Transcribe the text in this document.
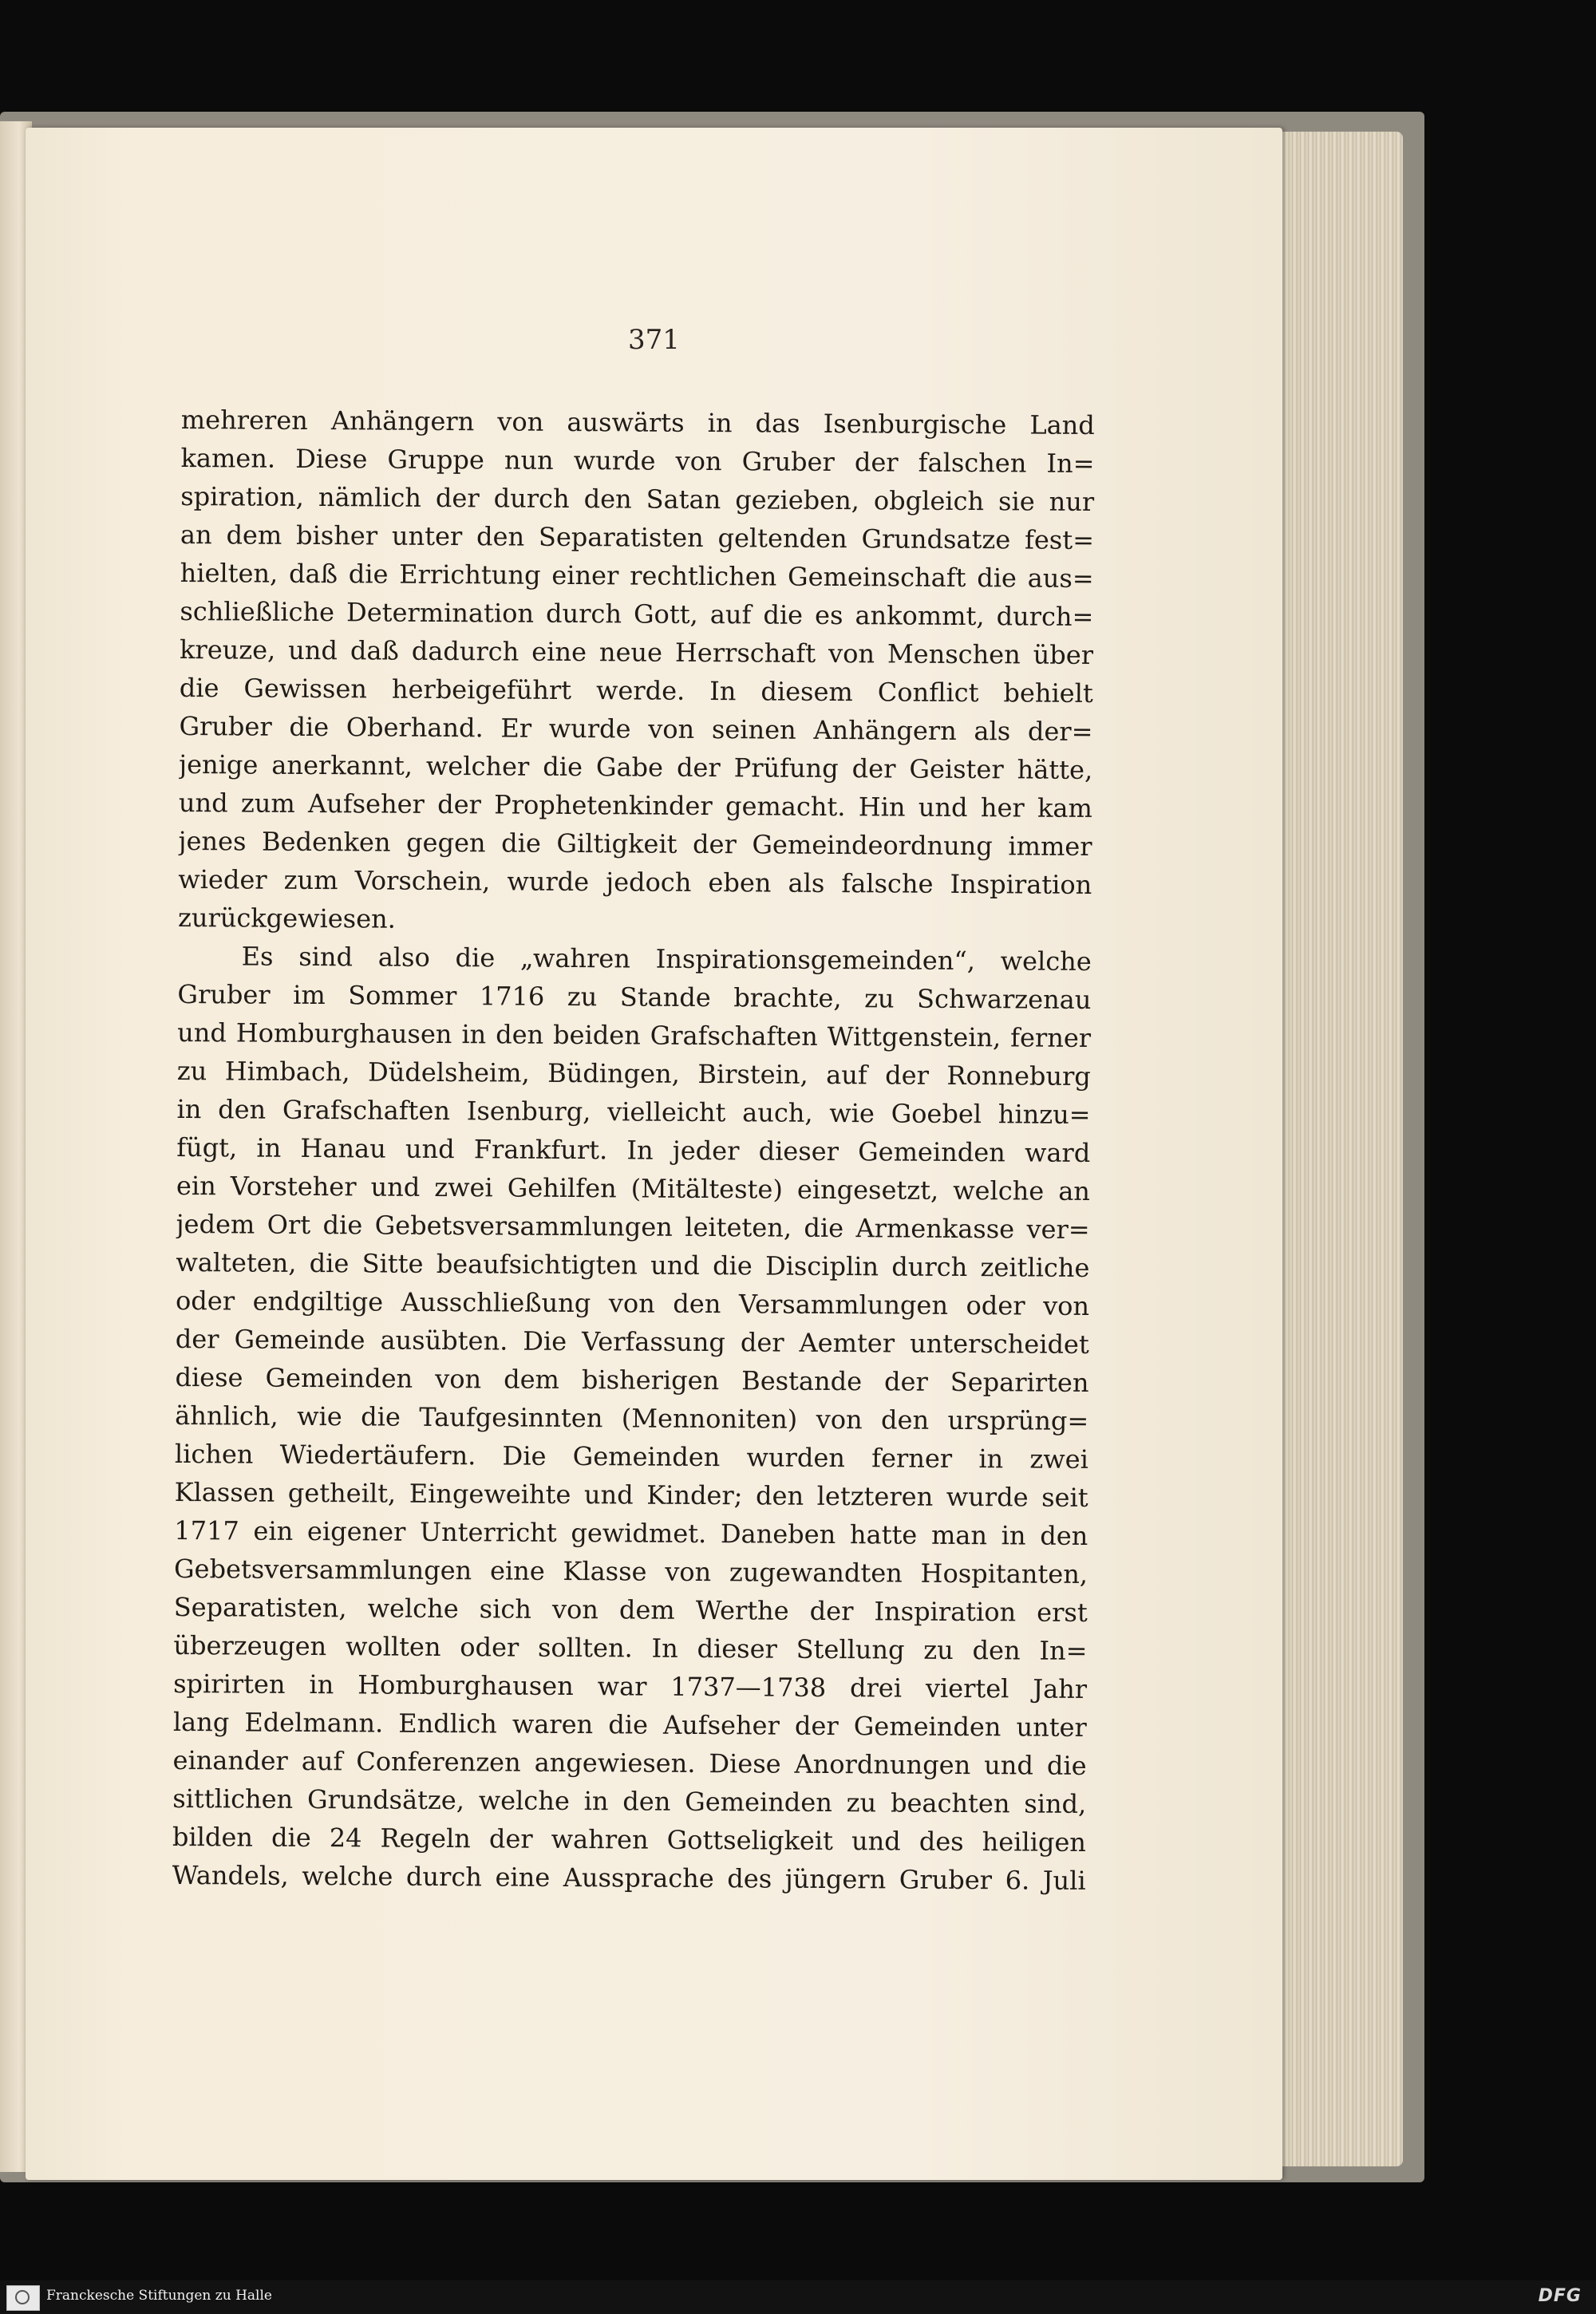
371
mehreren Anhängern von auswärts in das Isenburgische Land
kamen. Diese Gruppe nun wurde von Gruber der falschen In=
spiration, nämlich der durch den Satan gezieben, obgleich sie nur
an dem bisher unter den Separatisten geltenden Grundsatze fest=
hielten, daß die Errichtung einer rechtlichen Gemeinschaft die aus=
schließliche Determination durch Gott, auf die es ankommt, durch=
kreuze, und daß dadurch eine neue Herrschaft von Menschen über
die Gewissen herbeigeführt werde. In diesem Conflict behielt
Gruber die Oberhand. Er wurde von seinen Anhängern als der=
jenige anerkannt, welcher die Gabe der Prüfung der Geister hätte,
und zum Aufseher der Prophetenkinder gemacht. Hin und her kam
jenes Bedenken gegen die Giltigkeit der Gemeindeordnung immer
wieder zum Vorschein, wurde jedoch eben als falsche Inspiration
zurückgewiesen.
Es sind also die „wahren Inspirationsgemeinden“, welche
Gruber im Sommer 1716 zu Stande brachte, zu Schwarzenau
und Homburghausen in den beiden Grafschaften Wittgenstein, ferner
zu Himbach, Düdelsheim, Büdingen, Birstein, auf der Ronneburg
in den Grafschaften Isenburg, vielleicht auch, wie Goebel hinzu=
fügt, in Hanau und Frankfurt. In jeder dieser Gemeinden ward
ein Vorsteher und zwei Gehilfen (Mitälteste) eingesetzt, welche an
jedem Ort die Gebetsversammlungen leiteten, die Armenkasse ver=
walteten, die Sitte beaufsichtigten und die Disciplin durch zeitliche
oder endgiltige Ausschließung von den Versammlungen oder von
der Gemeinde ausübten. Die Verfassung der Aemter unterscheidet
diese Gemeinden von dem bisherigen Bestande der Separirten
ähnlich, wie die Taufgesinnten (Mennoniten) von den ursprüng=
lichen Wiedertäufern. Die Gemeinden wurden ferner in zwei
Klassen getheilt, Eingeweihte und Kinder; den letzteren wurde seit
1717 ein eigener Unterricht gewidmet. Daneben hatte man in den
Gebetsversammlungen eine Klasse von zugewandten Hospitanten,
Separatisten, welche sich von dem Werthe der Inspiration erst
überzeugen wollten oder sollten. In dieser Stellung zu den In=
spirirten in Homburghausen war 1737—1738 drei viertel Jahr
lang Edelmann. Endlich waren die Aufseher der Gemeinden unter
einander auf Conferenzen angewiesen. Diese Anordnungen und die
sittlichen Grundsätze, welche in den Gemeinden zu beachten sind,
bilden die 24 Regeln der wahren Gottseligkeit und des heiligen
Wandels, welche durch eine Aussprache des jüngern Gruber 6. Juli
Franckesche Stiftungen zu Halle	DFG
